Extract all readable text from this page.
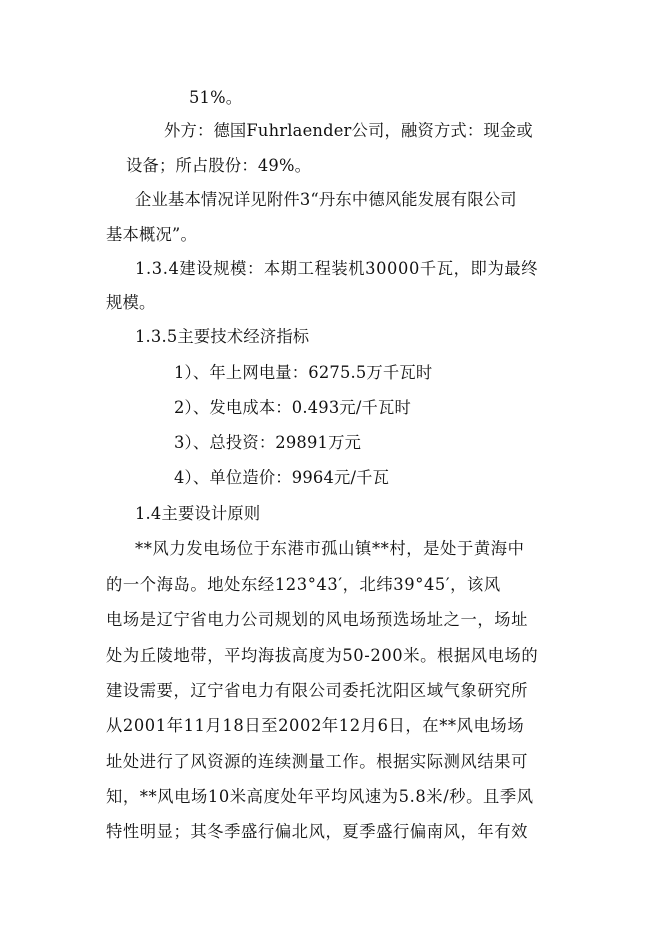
51%。
外方：德国Fuhrlaender公司，融资方式：现金或
设备；所占股份：49%。
企业基本情况详见附件3“丹东中德风能发展有限公司
基本概况”。
1.3.4建设规模：本期工程装机30000千瓦，即为最终
规模。
1.3.5主要技术经济指标
1）、年上网电量：6275.5万千瓦时
2）、发电成本：0.493元/千瓦时
3）、总投资：29891万元
4）、单位造价：9964元/千瓦
1.4主要设计原则
**风力发电场位于东港市孤山镇**村，是处于黄海中
的一个海岛。地处东经123°43′，北纬39°45′，该风
电场是辽宁省电力公司规划的风电场预选场址之一，场址
处为丘陵地带，平均海拔高度为50-200米。根据风电场的
建设需要，辽宁省电力有限公司委托沈阳区域气象研究所
从2001年11月18日至2002年12月6日，在**风电场场
址处进行了风资源的连续测量工作。根据实际测风结果可
知，**风电场10米高度处年平均风速为5.8米/秒。且季风
特性明显；其冬季盛行偏北风，夏季盛行偏南风，年有效
